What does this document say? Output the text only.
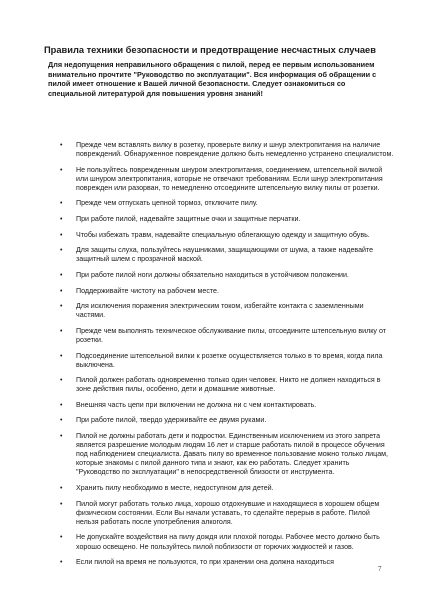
Правила техники безопасности и предотвращение несчастных случаев

Для недопущения неправильного обращения с пилой, перед ее первым использованием внимательно прочтите "Руководство по эксплуатации". Вся информация об обращении с пилой имеет отношение к Вашей личной безопасности. Следует ознакомиться со специальной литературой для повышения уровня знаний!

• Прежде чем вставлять вилку в розетку, проверьте вилку и шнур электропитания на наличие повреждений. Обнаруженное повреждение должно быть немедленно устранено специалистом.
• Не пользуйтесь поврежденным шнуром электропитания, соединением, штепсельной вилкой или шнуром электропитания, которые не отвечают требованиям. Если шнур электропитания поврежден или разорван, то немедленно отсоедините штепсельную вилку пилы от розетки.
• Прежде чем отпускать цепной тормоз, отключите пилу.
• При работе пилой, надевайте защитные очки и защитные перчатки.
• Чтобы избежать травм, надевайте специальную облегающую одежду и защитную обувь.
• Для защиты слуха, пользуйтесь наушниками, защищающими от шума, а также надевайте защитный шлем с прозрачной маской.
• При работе пилой ноги должны обязательно находиться в устойчивом положении.
• Поддерживайте чистоту на рабочем месте.
• Для исключения поражения электрическим током, избегайте контакта с заземленными частями.
• Прежде чем выполнять техническое обслуживание пилы, отсоедините штепсельную вилку от розетки.
• Подсоединение штепсельной вилки к розетке осуществляется только в то время, когда пила выключена.
• Пилой должен работать одновременно только один человек. Никто не должен находиться в зоне действия пилы, особенно, дети и домашние животные.
• Внешняя часть цепи при включении не должна ни с чем контактировать.
• При работе пилой, твердо удерживайте ее двумя руками.
• Пилой не должны работать дети и подростки. Единственным исключением из этого запрета является разрешение молодым людям 16 лет и старше работать пилой в процессе обучения под наблюдением специалиста. Давать пилу во временное пользование можно только лицам, которые знакомы с пилой данного типа и знают, как ею работать. Следует хранить "Руководство по эксплуатации" в непосредственной близости от инструмента.
• Хранить пилу необходимо в месте, недоступном для детей.
• Пилой могут работать только лица, хорошо отдохнувшие и находящиеся в хорошем общем физическом состоянии. Если Вы начали уставать, то сделайте перерыв в работе. Пилой нельзя работать после употребления алкоголя.
• Не допускайте воздействия на пилу дождя или плохой погоды. Рабочее место должно быть хорошо освещено. Не пользуйтесь пилой поблизости от горючих жидкостей и газов.
• Если пилой на время не пользуются, то при хранении она должна находиться
7
